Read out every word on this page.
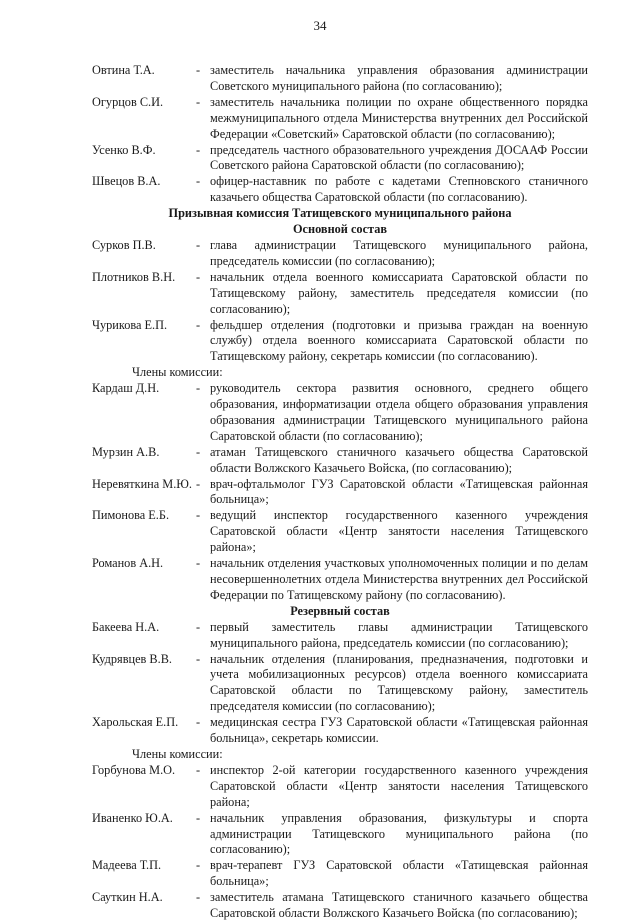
34
Овтина Т.А.	- заместитель начальника управления образования администрации Советского муниципального района (по согласованию);
Огурцов С.И.	- заместитель начальника полиции по охране общественного порядка межмуниципального отдела Министерства внутренних дел Российской Федерации «Советский» Саратовской области (по согласованию);
Усенко В.Ф.	- председатель частного образовательного учреждения ДОСААФ России Советского района Саратовской области (по согласованию);
Швецов В.А.	- офицер-наставник по работе с кадетами Степновского станичного казачьего общества Саратовской области (по согласованию).
Призывная комиссия Татищевского муниципального района
Основной состав
Сурков П.В.	- глава администрации Татищевского муниципального района, председатель комиссии (по согласованию);
Плотников В.Н.	- начальник отдела военного комиссариата Саратовской области по Татищевскому району, заместитель председателя комиссии (по согласованию);
Чурикова Е.П.	- фельдшер отделения (подготовки и призыва граждан на военную службу) отдела военного комиссариата Саратовской области по Татищевскому району, секретарь комиссии (по согласованию).
Члены комиссии:
Кардаш Д.Н.	- руководитель сектора развития основного, среднего общего образования, информатизации отдела общего образования управления образования администрации Татищевского муниципального района Саратовской области (по согласованию);
Мурзин А.В.	- атаман Татищевского станичного казачьего общества Саратовской области Волжского Казачьего Войска, (по согласованию);
Неревяткина М.Ю. - врач-офтальмолог ГУЗ Саратовской области «Татищевская районная больница»;
Пимонова Е.Б.	- ведущий инспектор государственного казенного учреждения Саратовской области «Центр занятости населения Татищевского района»;
Романов А.Н.	- начальник отделения участковых уполномоченных полиции и по делам несовершеннолетних отдела Министерства внутренних дел Российской Федерации по Татищевскому району (по согласованию).
Резервный состав
Бакеева Н.А.	- первый заместитель главы администрации Татищевского муниципального района, председатель комиссии (по согласованию);
Кудрявцев В.В.	- начальник отделения (планирования, предназначения, подготовки и учета мобилизационных ресурсов) отдела военного комиссариата Саратовской области по Татищевскому району, заместитель председателя комиссии (по согласованию);
Харольская Е.П.	- медицинская сестра ГУЗ Саратовской области «Татищевская районная больница», секретарь комиссии.
Члены комиссии:
Горбунова М.О.	- инспектор 2-ой категории государственного казенного учреждения Саратовской области «Центр занятости населения Татищевского района;
Иваненко Ю.А.	- начальник управления образования, физкультуры и спорта администрации Татищевского муниципального района (по согласованию);
Мадеева Т.П.	- врач-терапевт ГУЗ Саратовской области «Татищевская районная больница»;
Сауткин Н.А.	- заместитель атамана Татищевского станичного казачьего общества Саратовской области Волжского Казачьего Войска (по согласованию);
